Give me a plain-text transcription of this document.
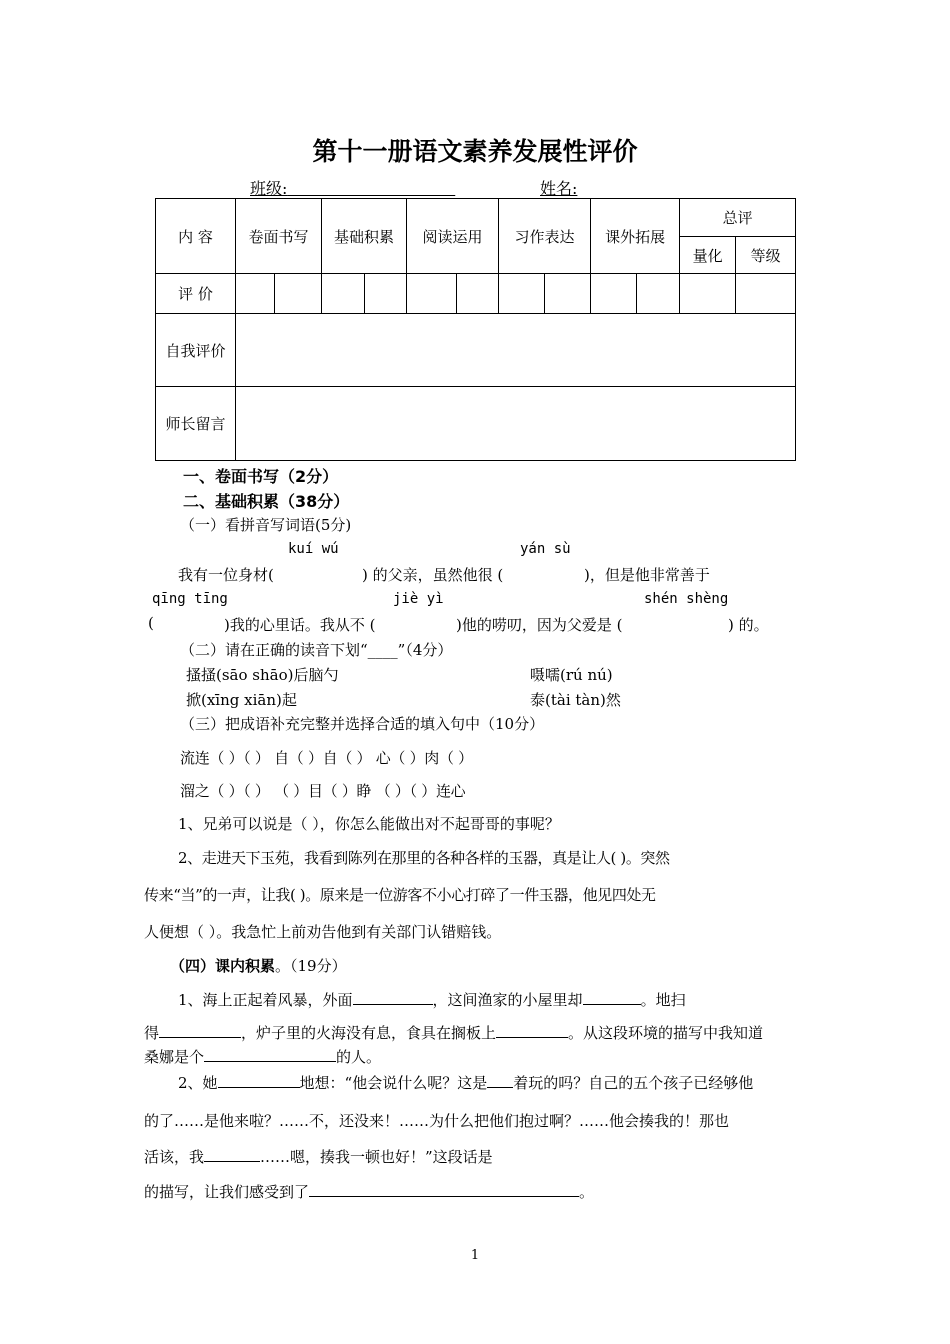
第十一册语文素养发展性评价
班级:	姓名:
内 容	卷面书写		基础积累		阅读运用		习作表达		课外拓展		总评	
											量化	等级
评 价												
自我评价												
师长留言												
一、卷面书写（2分）
二、基础积累（38分）
（一）看拼音写词语(5分)
kuí wú	yán sù
我有一位身材(	) 的父亲，虽然他很 (	)，但是他非常善于
qīng tīng	jiè yì	shén shèng
(	)我的心里话。我从不 (	)他的唠叨，因为父爱是 (	) 的。
（二）请在正确的读音下划“____”（4分）
搔搔(sāo shāo)后脑勺	嗫嚅(rú nú)
掀(xīng xiān)起	泰(tài tàn)然
（三）把成语补充完整并选择合适的填入句中（10分）
流连（ ）（ ） 自（ ）自（ ） 心（ ）肉（ ）
溜之（ ）（ ） （ ）目（ ）睁 （ ）（ ）连心
1、兄弟可以说是（ ），你怎么能做出对不起哥哥的事呢？
2、走进天下玉苑，我看到陈列在那里的各种各样的玉器，真是让人( )。突然
传来“当”的一声，让我( )。原来是一位游客不小心打碎了一件玉器，他见四处无
人便想（ ）。我急忙上前劝告他到有关部门认错赔钱。
（四）课内积累。（19分）
1、海上正起着风暴，外面	，这间渔家的小屋里却	。地扫
得	，炉子里的火海没有息，食具在搁板上	。从这段环境的描写中我知道
桑娜是个	的人。
2、她	地想：“他会说什么呢？这是 着玩的吗？自己的五个孩子已经够他
的了……是他来啦？……不，还没来！……为什么把他们抱过啊？……他会揍我的！那也
活该，我	……嗯，揍我一顿也好！”这段话是
的描写，让我们感受到了	。
1
